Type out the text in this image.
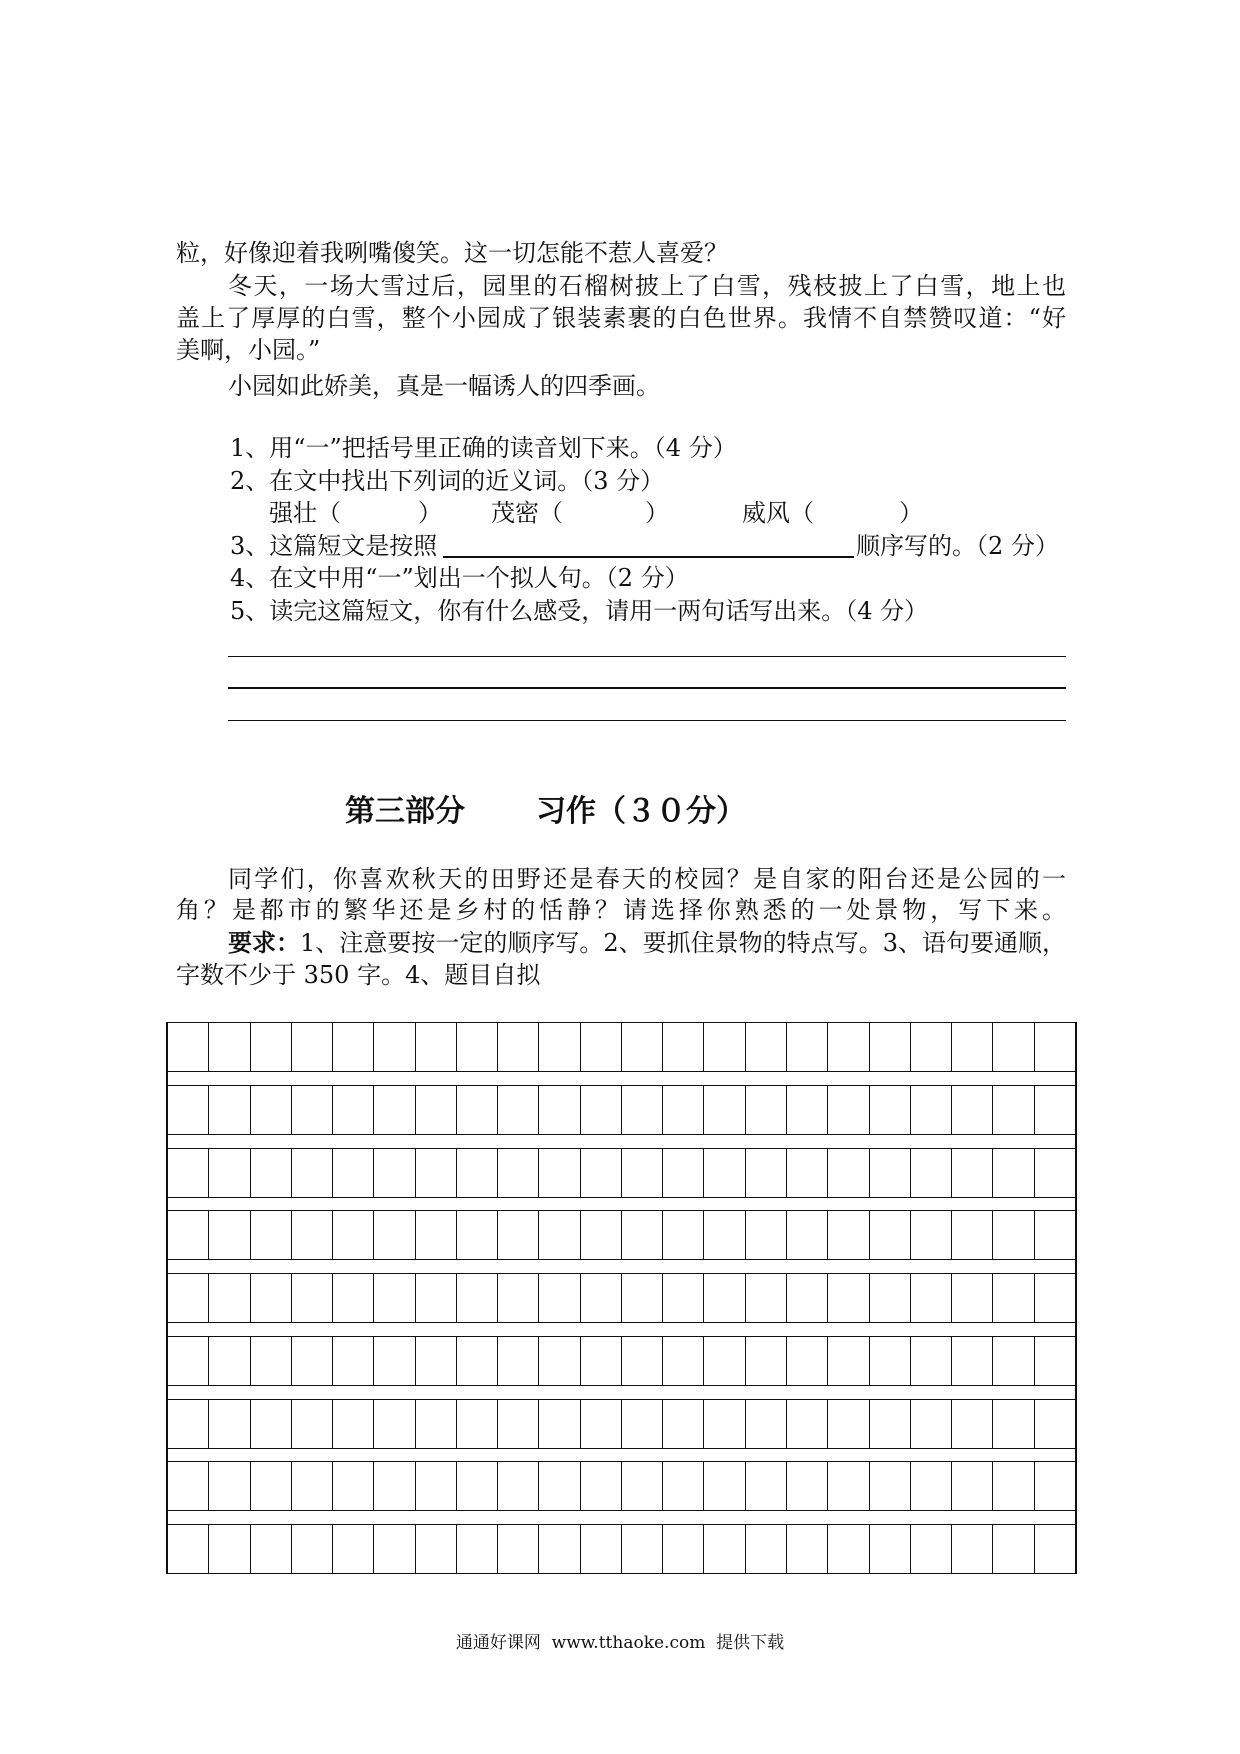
粒，好像迎着我咧嘴傻笑。这一切怎能不惹人喜爱？
冬天，一场大雪过后，园里的石榴树披上了白雪，残枝披上了白雪，地上也
盖上了厚厚的白雪，整个小园成了银装素裹的白色世界。我情不自禁赞叹道：“好
美啊，小园。”
小园如此娇美，真是一幅诱人的四季画。
1、用“一”把括号里正确的读音划下来。（4 分）
2、在文中找出下列词的近义词。（3 分）
强壮（	） 茂密（	）	威风（	）
3、这篇短文是按照	顺序写的。（2 分）
4、在文中用“一”划出一个拟人句。（2 分）
5、读完这篇短文，你有什么感受，请用一两句话写出来。（4 分）
第三部分 习作（３０分）
同学们，你喜欢秋天的田野还是春天的校园？是自家的阳台还是公园的一
角？是都市的繁华还是乡村的恬静？请选择你熟悉的一处景物，写下来。
要求：1、注意要按一定的顺序写。2、要抓住景物的特点写。3、语句要通顺，
字数不少于 350 字。4、题目自拟
通通好课网  www.tthaoke.com  提供下载
